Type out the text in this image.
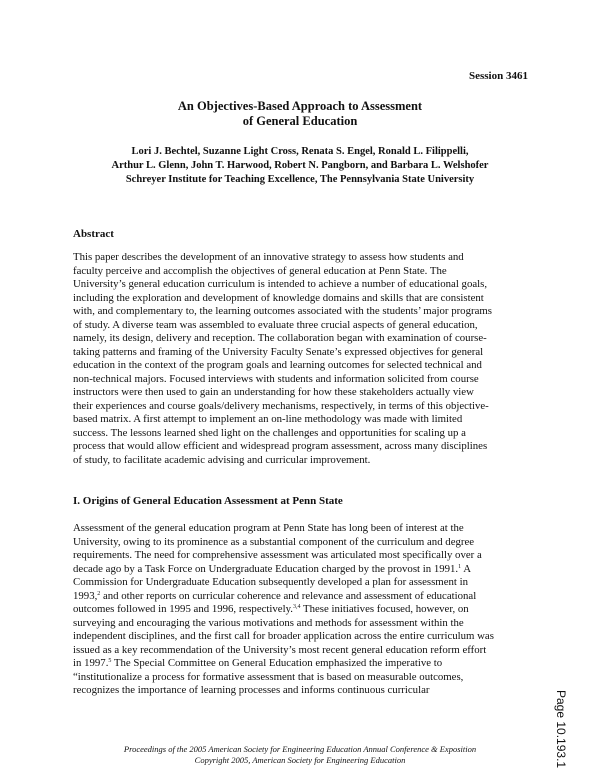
Session 3461
An Objectives-Based Approach to Assessment
of General Education
Lori J. Bechtel, Suzanne Light Cross, Renata S. Engel, Ronald L. Filippelli,
Arthur L. Glenn, John T. Harwood, Robert N. Pangborn, and Barbara L. Welshofer
Schreyer Institute for Teaching Excellence, The Pennsylvania State University
Abstract

This paper describes the development of an innovative strategy to assess how students and
faculty perceive and accomplish the objectives of general education at Penn State. The
University’s general education curriculum is intended to achieve a number of educational goals,
including the exploration and development of knowledge domains and skills that are consistent
with, and complementary to, the learning outcomes associated with the students’ major programs
of study. A diverse team was assembled to evaluate three crucial aspects of general education,
namely, its design, delivery and reception. The collaboration began with examination of course-
taking patterns and framing of the University Faculty Senate’s expressed objectives for general
education in the context of the program goals and learning outcomes for selected technical and
non-technical majors. Focused interviews with students and information solicited from course
instructors were then used to gain an understanding for how these stakeholders actually view
their experiences and course goals/delivery mechanisms, respectively, in terms of this objective-
based matrix. A first attempt to implement an on-line methodology was made with limited
success. The lessons learned shed light on the challenges and opportunities for scaling up a
process that would allow efficient and widespread program assessment, across many disciplines
of study, to facilitate academic advising and curricular improvement.

I. Origins of General Education Assessment at Penn State

Assessment of the general education program at Penn State has long been of interest at the
University, owing to its prominence as a substantial component of the curriculum and degree
requirements. The need for comprehensive assessment was articulated most specifically over a
decade ago by a Task Force on Undergraduate Education charged by the provost in 1991.$^1$ A
Commission for Undergraduate Education subsequently developed a plan for assessment in
1993,$^2$ and other reports on curricular coherence and relevance and assessment of educational
outcomes followed in 1995 and 1996, respectively.$^{3,4}$ These initiatives focused, however, on
surveying and encouraging the various motivations and methods for assessment within the
independent disciplines, and the first call for broader application across the entire curriculum was
issued as a key recommendation of the University’s most recent general education reform effort
in 1997.$^5$ The Special Committee on General Education emphasized the imperative to
“institutionalize a process for formative assessment that is based on measurable outcomes,
recognizes the importance of learning processes and informs continuous curricular

Proceedings of the 2005 American Society for Engineering Education Annual Conference & Exposition
Copyright 2005, American Society for Engineering Education	Page 10.193.1
